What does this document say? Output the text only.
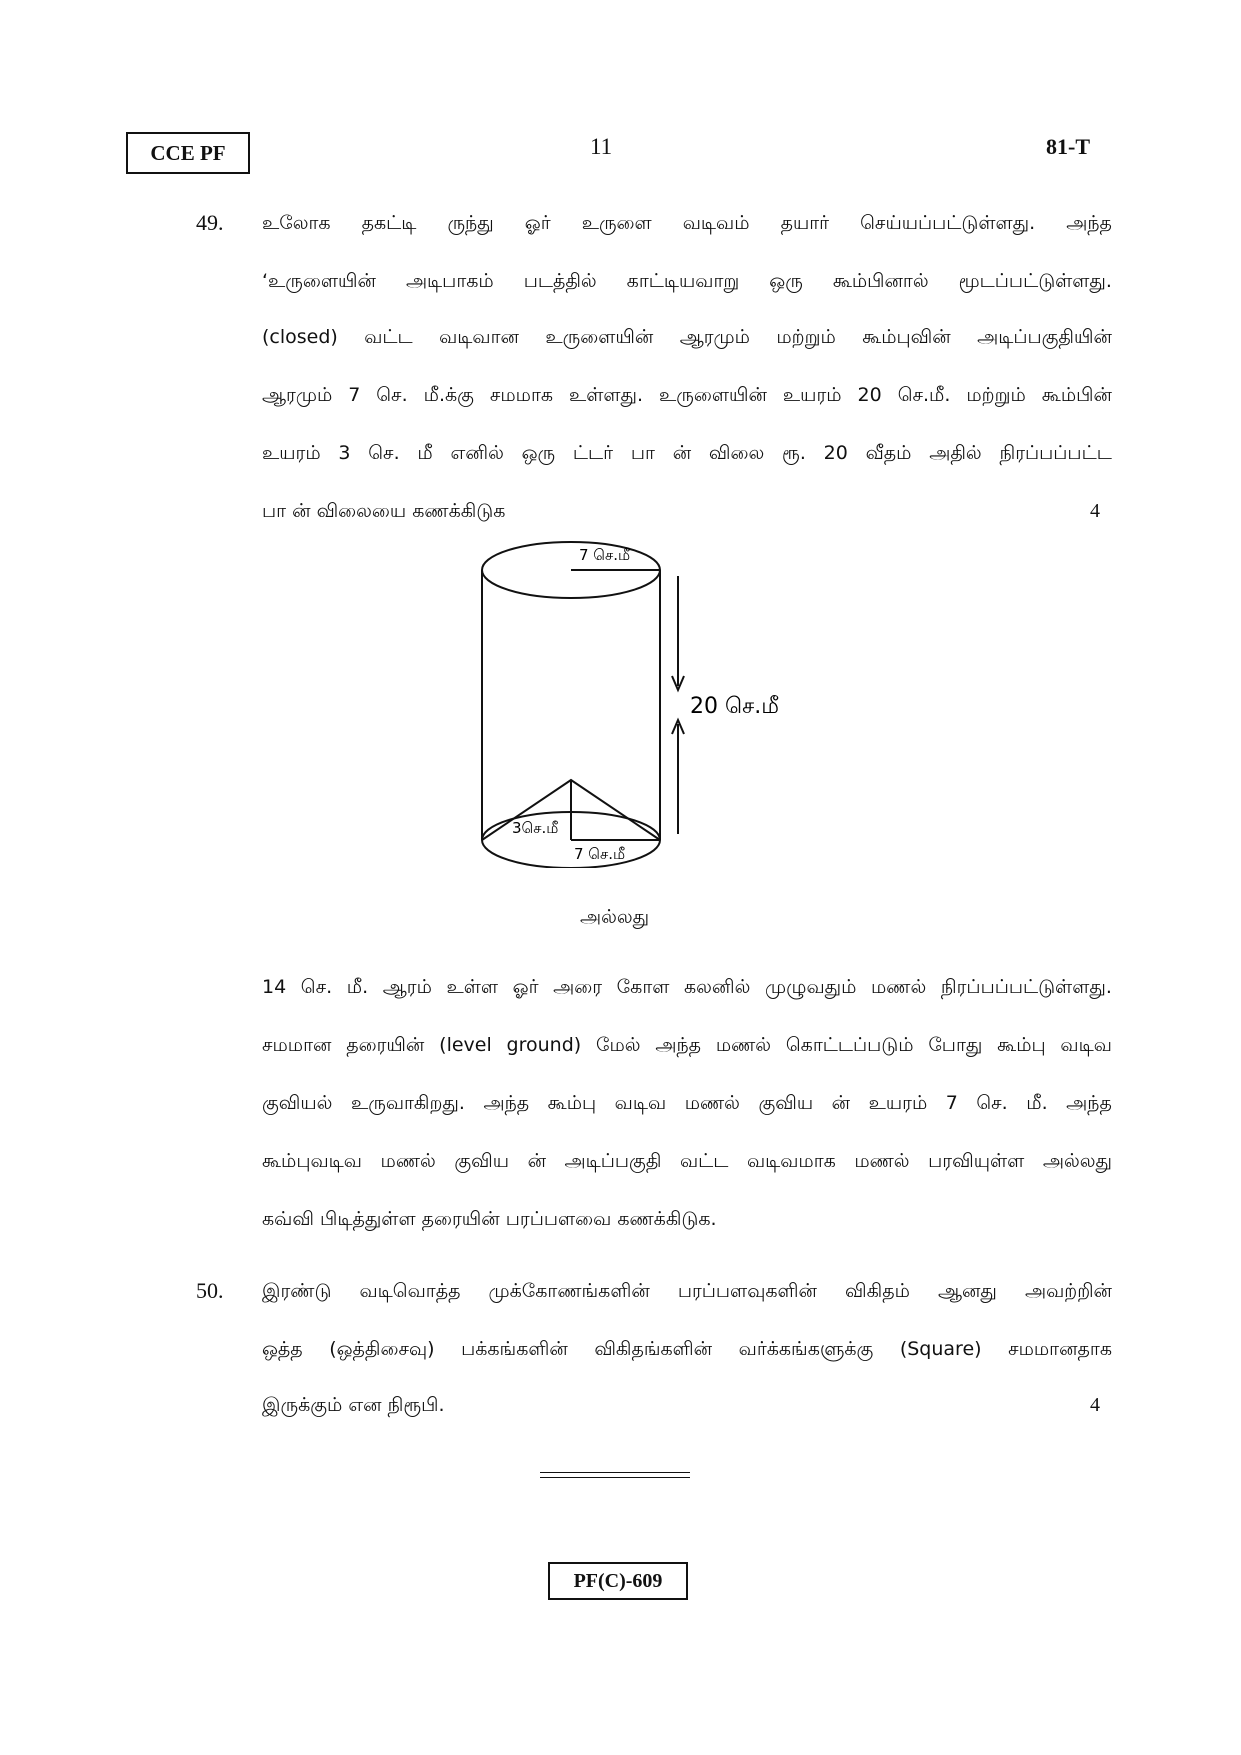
CCE PF	11	81-T
49. உலோக தகட்டி ருந்து ஓர் உருளை வடிவம் தயார் செய்யப்பட்டுள்ளது. அந்த
‘உருளையின் அடிபாகம் படத்தில் காட்டியவாறு ஒரு கூம்பினால் மூடப்பட்டுள்ளது.
(closed) வட்ட வடிவான உருளையின் ஆரமும் மற்றும் கூம்புவின் அடிப்பகுதியின்
ஆரமும் 7 செ. மீ.க்கு சமமாக உள்ளது. உருளையின் உயரம் 20 செ.மீ. மற்றும் கூம்பின்
உயரம் 3 செ. மீ எனில் ஒரு ட்டர் பா ன் விலை ரூ. 20 வீதம் அதில் நிரப்பப்பட்ட
பா ன் விலையை கணக்கிடுக	4
7 செ.மீ
20 செ.மீ
3செ.மீ
7 செ.மீ
அல்லது
14 செ. மீ. ஆரம் உள்ள ஓர் அரை கோள கலனில் முழுவதும் மணல் நிரப்பப்பட்டுள்ளது.
சமமான தரையின் (level ground) மேல் அந்த மணல் கொட்டப்படும் போது கூம்பு வடிவ
குவியல் உருவாகிறது. அந்த கூம்பு வடிவ மணல் குவிய ன் உயரம் 7 செ. மீ. அந்த
கூம்புவடிவ மணல் குவிய ன் அடிப்பகுதி வட்ட வடிவமாக மணல் பரவியுள்ள அல்லது
கவ்வி பிடித்துள்ள தரையின் பரப்பளவை கணக்கிடுக.
50. இரண்டு வடிவொத்த முக்கோணங்களின் பரப்பளவுகளின் விகிதம் ஆனது அவற்றின்
ஒத்த (ஒத்திசைவு) பக்கங்களின் விகிதங்களின் வர்க்கங்களுக்கு (Square) சமமானதாக
இருக்கும் என நிரூபி.	4
PF(C)-609
